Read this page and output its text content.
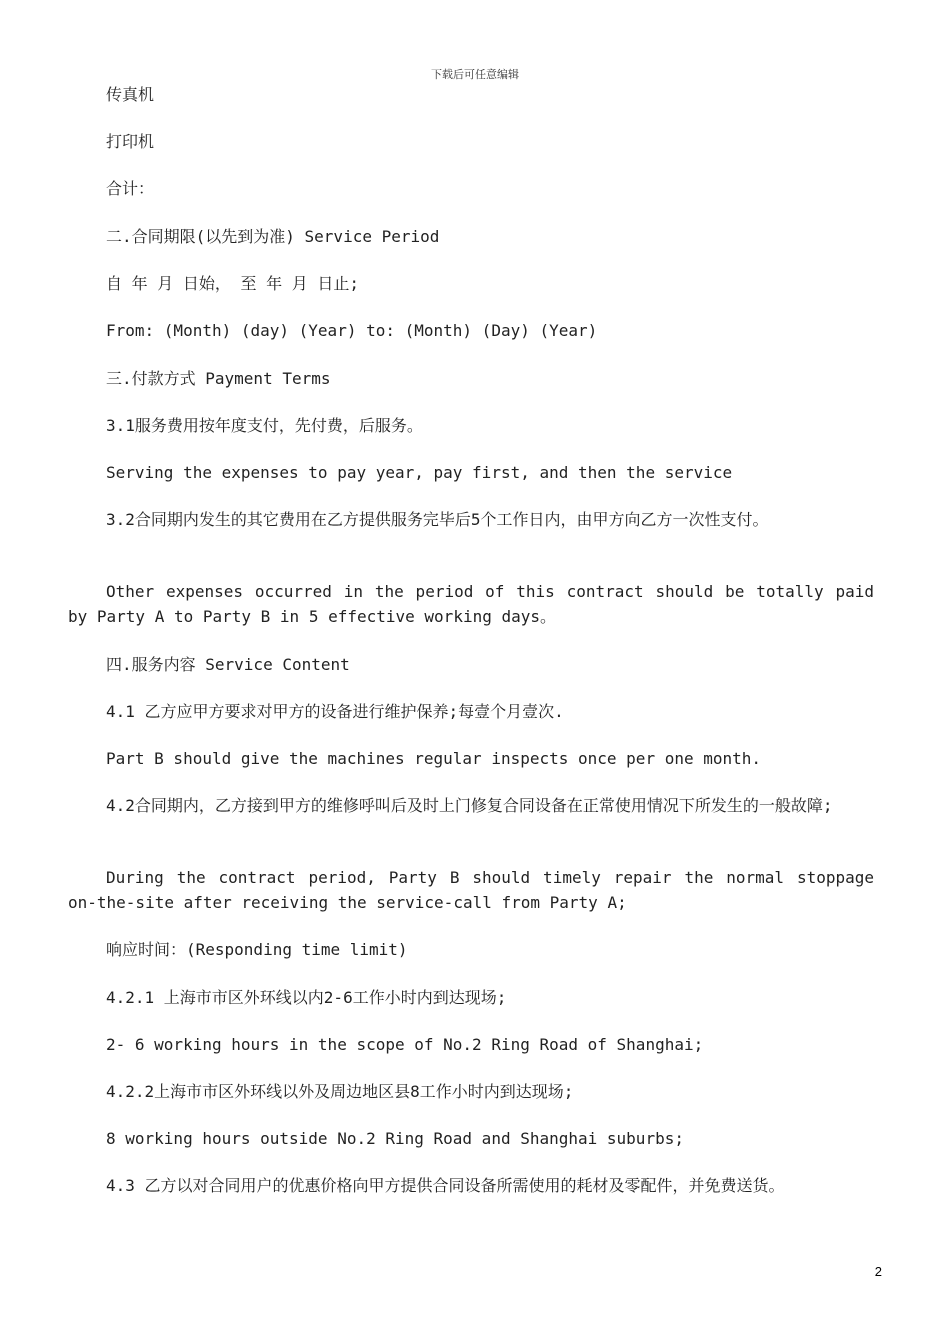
下载后可任意编辑
传真机
打印机
合计：
二.合同期限(以先到为准) Service Period
自 年 月 日始， 至 年 月 日止;
From: (Month) (day) (Year) to: (Month) (Day) (Year)
三.付款方式 Payment Terms
3.1服务费用按年度支付，先付费，后服务。
Serving the expenses to pay year, pay first, and then the service
3.2合同期内发生的其它费用在乙方提供服务完毕后5个工作日内，由甲方向乙方一次性支付。
Other expenses occurred in the period of this contract should be totally paid by Party A to Party B in 5 effective working days。
四.服务内容 Service Content
4.1 乙方应甲方要求对甲方的设备进行维护保养;每壹个月壹次.
Part B should give the machines regular inspects once per one month.
4.2合同期内，乙方接到甲方的维修呼叫后及时上门修复合同设备在正常使用情况下所发生的一般故障;
During the contract period, Party B should timely repair the normal stoppage on-the-site after receiving the service-call from Party A;
响应时间：(Responding time limit)
4.2.1 上海市市区外环线以内2-6工作小时内到达现场;
2- 6 working hours in the scope of No.2 Ring Road of Shanghai;
4.2.2上海市市区外环线以外及周边地区县8工作小时内到达现场;
8 working hours outside No.2 Ring Road and Shanghai suburbs;
4.3 乙方以对合同用户的优惠价格向甲方提供合同设备所需使用的耗材及零配件，并免费送货。
2
